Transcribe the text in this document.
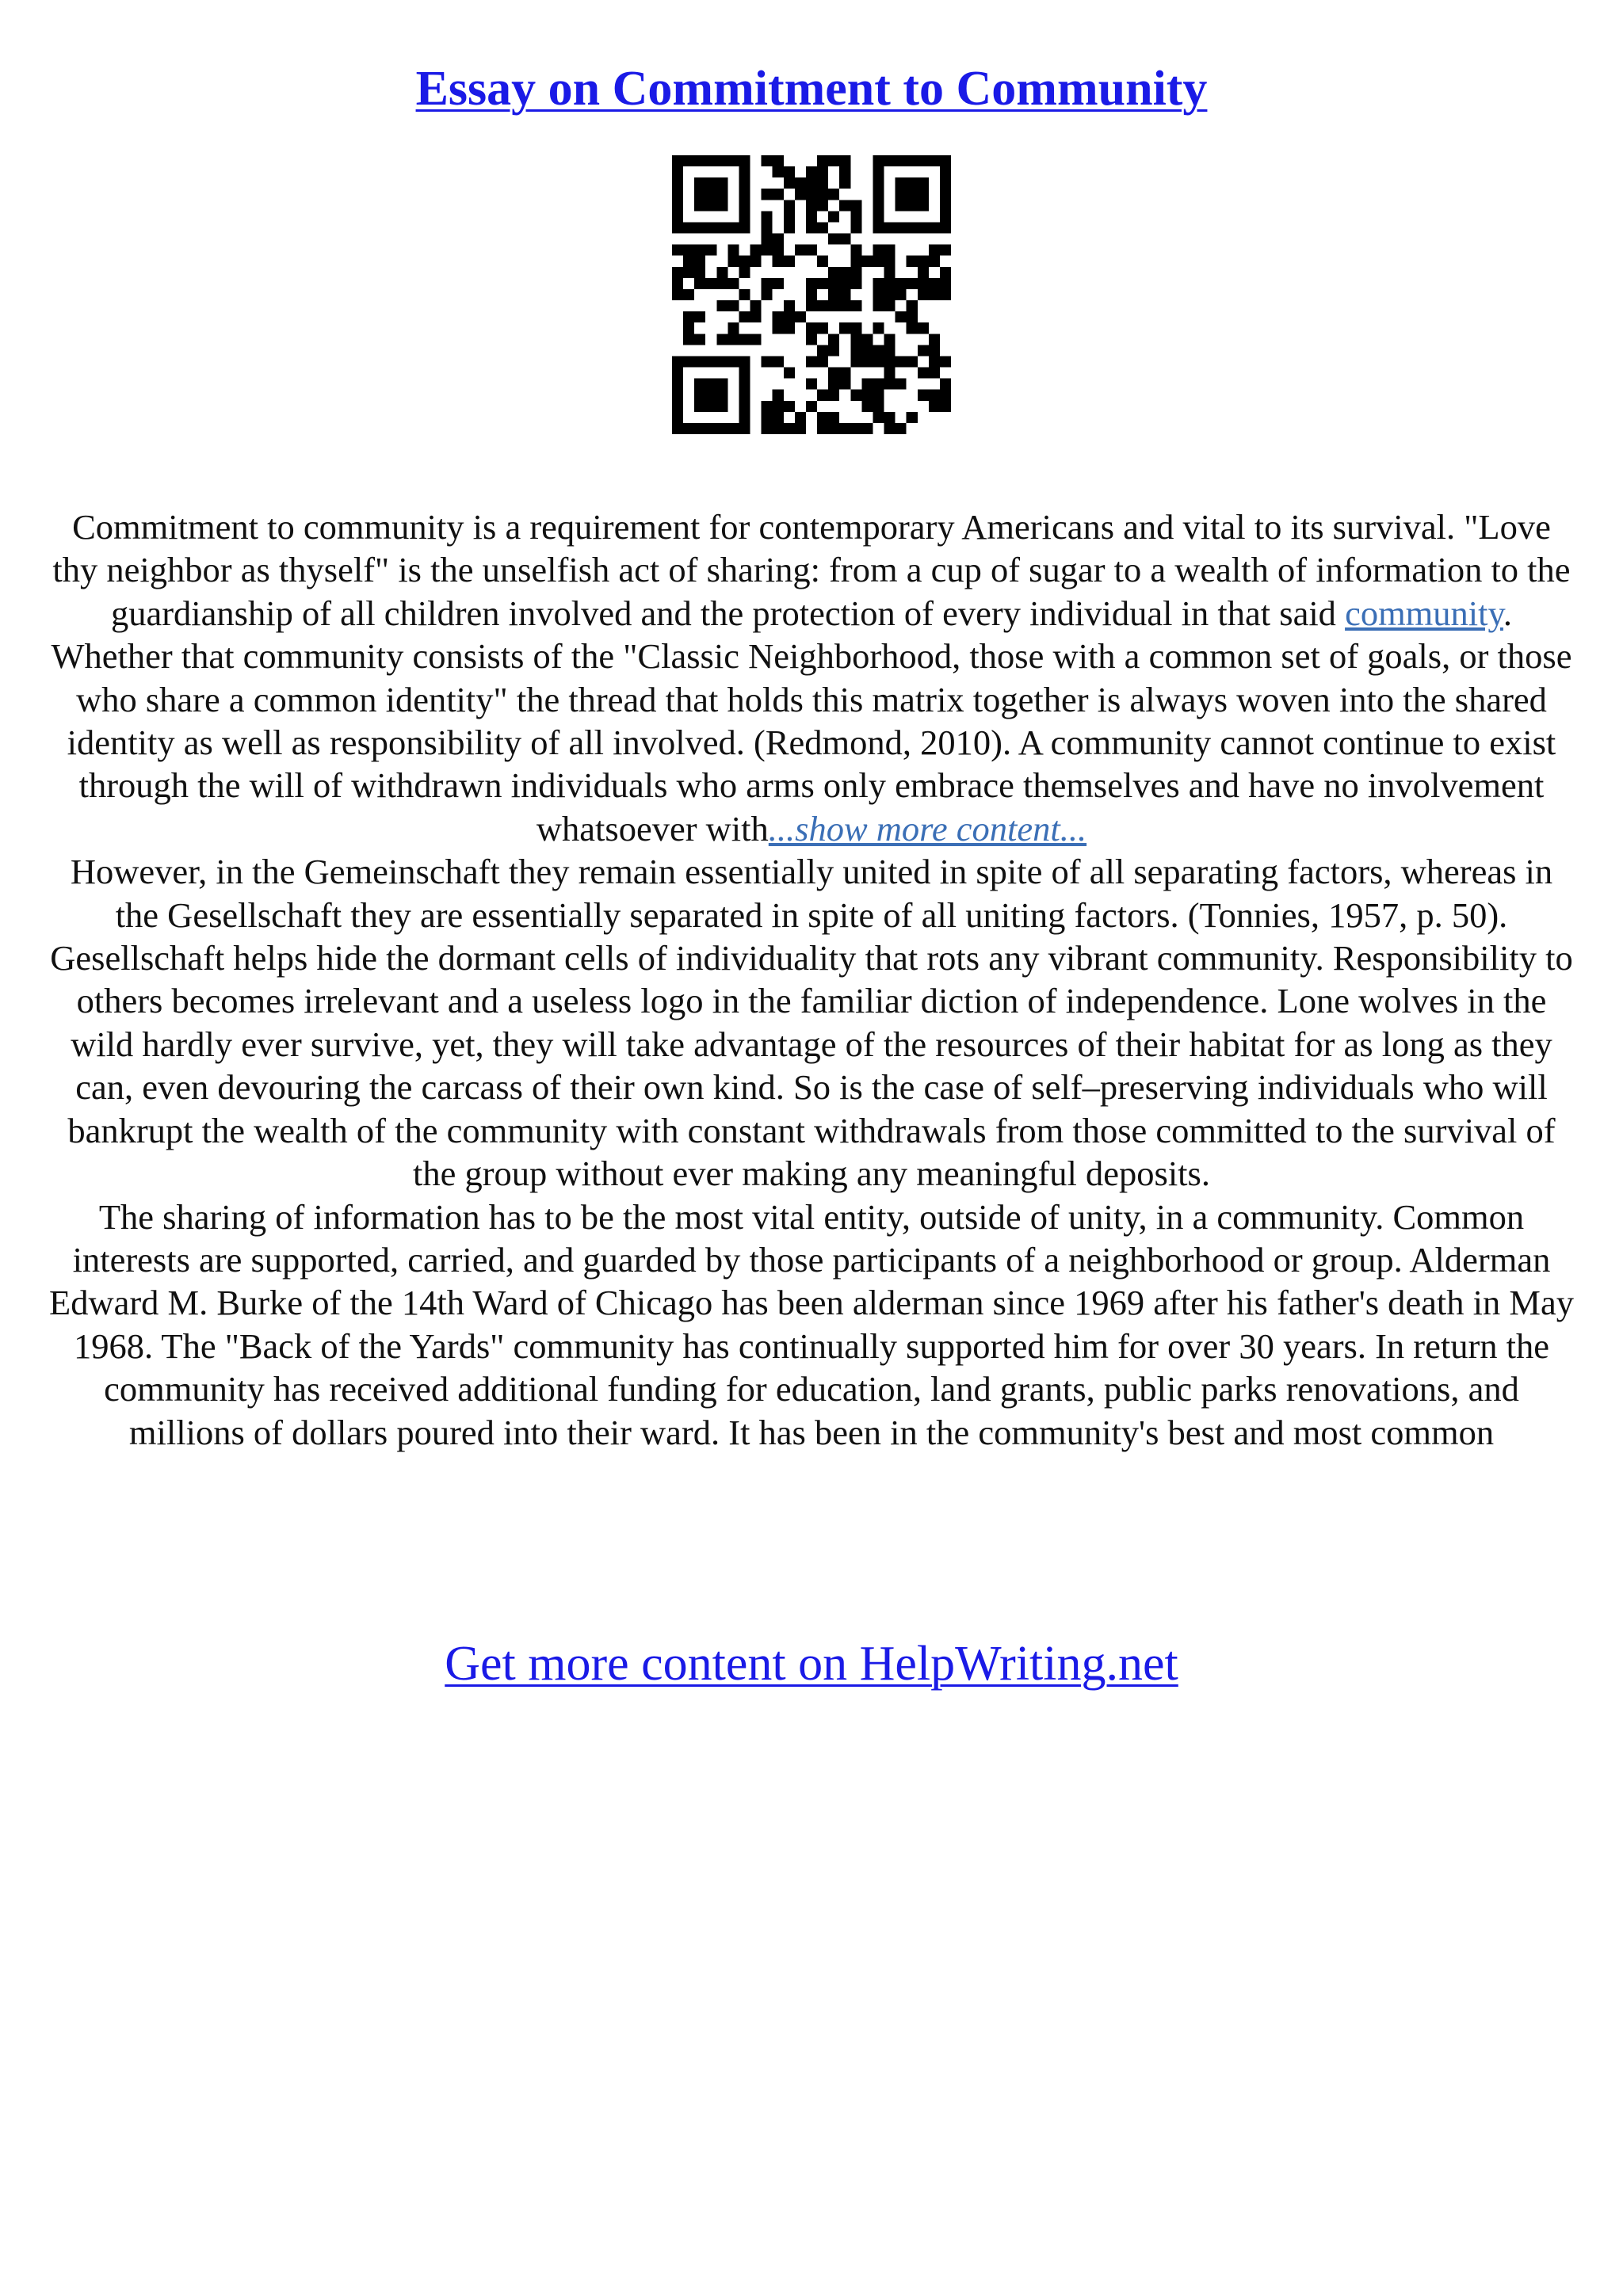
Essay on Commitment to Community

Commitment to community is a requirement for contemporary Americans and vital to its survival. "Love thy neighbor as thyself" is the unselfish act of sharing: from a cup of sugar to a wealth of information to the guardianship of all children involved and the protection of every individual in that said community. Whether that community consists of the "Classic Neighborhood, those with a common set of goals, or those who share a common identity" the thread that holds this matrix together is always woven into the shared identity as well as responsibility of all involved. (Redmond, 2010). A community cannot continue to exist through the will of withdrawn individuals who arms only embrace themselves and have no involvement whatsoever with...show more content...

However, in the Gemeinschaft they remain essentially united in spite of all separating factors, whereas in the Gesellschaft they are essentially separated in spite of all uniting factors. (Tonnies, 1957, p. 50).

Gesellschaft helps hide the dormant cells of individuality that rots any vibrant community. Responsibility to others becomes irrelevant and a useless logo in the familiar diction of independence. Lone wolves in the wild hardly ever survive, yet, they will take advantage of the resources of their habitat for as long as they can, even devouring the carcass of their own kind. So is the case of self–preserving individuals who will bankrupt the wealth of the community with constant withdrawals from those committed to the survival of the group without ever making any meaningful deposits.

The sharing of information has to be the most vital entity, outside of unity, in a community. Common interests are supported, carried, and guarded by those participants of a neighborhood or group. Alderman Edward M. Burke of the 14th Ward of Chicago has been alderman since 1969 after his father's death in May 1968. The "Back of the Yards" community has continually supported him for over 30 years. In return the community has received additional funding for education, land grants, public parks renovations, and millions of dollars poured into their ward. It has been in the community's best and most common

Get more content on HelpWriting.net
